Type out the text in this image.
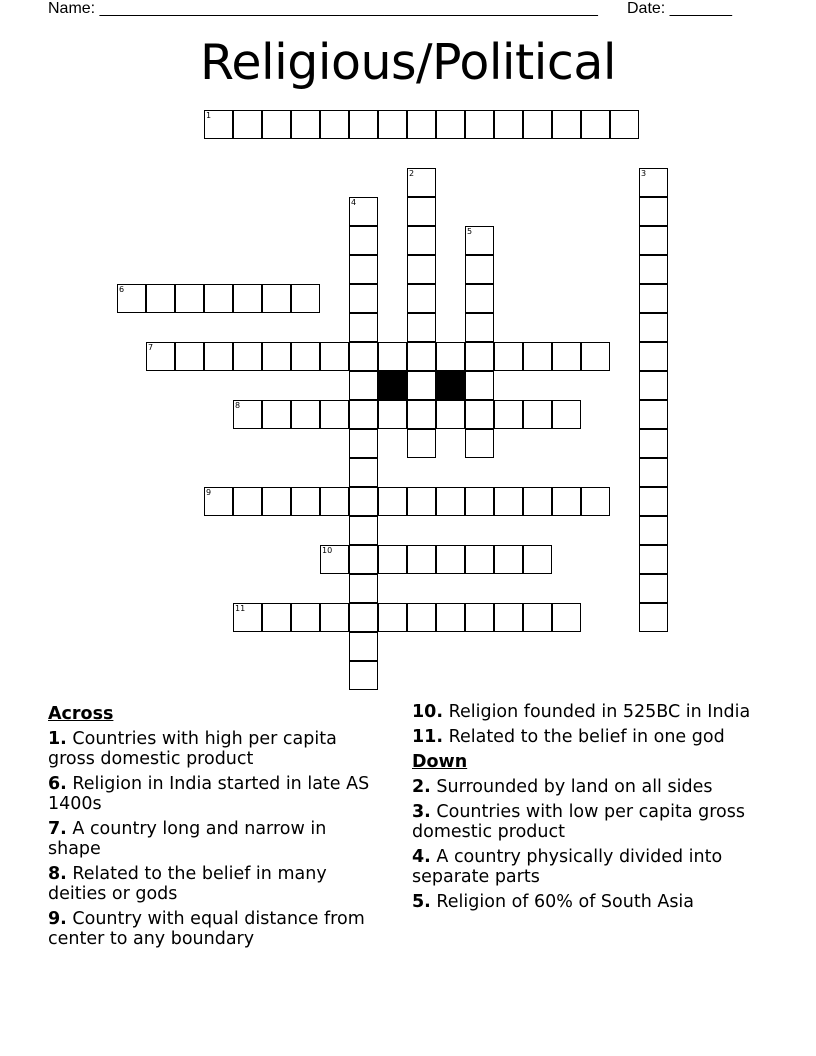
Name: ________________________________________________________ Date: _______
Religious/Political
1
6
7
8
9
10
11
2	3
4
5
Across
1. Countries with high per capita gross domestic product
6. Religion in India started in late AS 1400s
7. A country long and narrow in shape
8. Related to the belief in many deities or gods
9. Country with equal distance from center to any boundary
10. Religion founded in 525BC in India
11. Related to the belief in one god
Down
2. Surrounded by land on all sides
3. Countries with low per capita gross domestic product
4. A country physically divided into separate parts
5. Religion of 60% of South Asia
